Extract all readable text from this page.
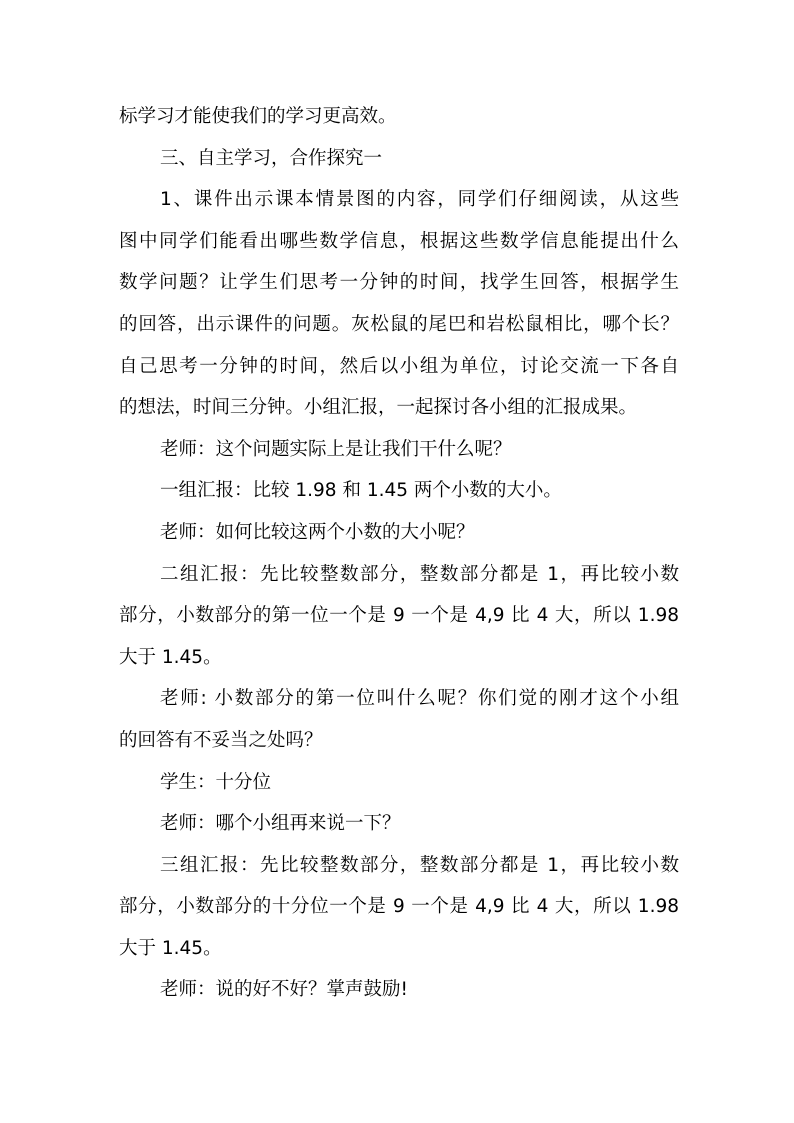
标学习才能使我们的学习更高效。
三、自主学习，合作探究一
1、课件出示课本情景图的内容，同学们仔细阅读，从这些
图中同学们能看出哪些数学信息，根据这些数学信息能提出什么
数学问题？让学生们思考一分钟的时间，找学生回答，根据学生
的回答，出示课件的问题。灰松鼠的尾巴和岩松鼠相比，哪个长？
自己思考一分钟的时间，然后以小组为单位，讨论交流一下各自
的想法，时间三分钟。小组汇报，一起探讨各小组的汇报成果。
老师：这个问题实际上是让我们干什么呢？
一组汇报：比较 1.98 和 1.45 两个小数的大小。
老师：如何比较这两个小数的大小呢？
二组汇报：先比较整数部分，整数部分都是 1，再比较小数
部分，小数部分的第一位一个是 9 一个是 4,9 比 4 大，所以 1.98
大于 1.45。
老师: 小数部分的第一位叫什么呢？你们觉的刚才这个小组
的回答有不妥当之处吗？
学生：十分位
老师：哪个小组再来说一下？
三组汇报：先比较整数部分，整数部分都是 1，再比较小数
部分，小数部分的十分位一个是 9 一个是 4,9 比 4 大，所以 1.98
大于 1.45。
老师：说的好不好？掌声鼓励!
